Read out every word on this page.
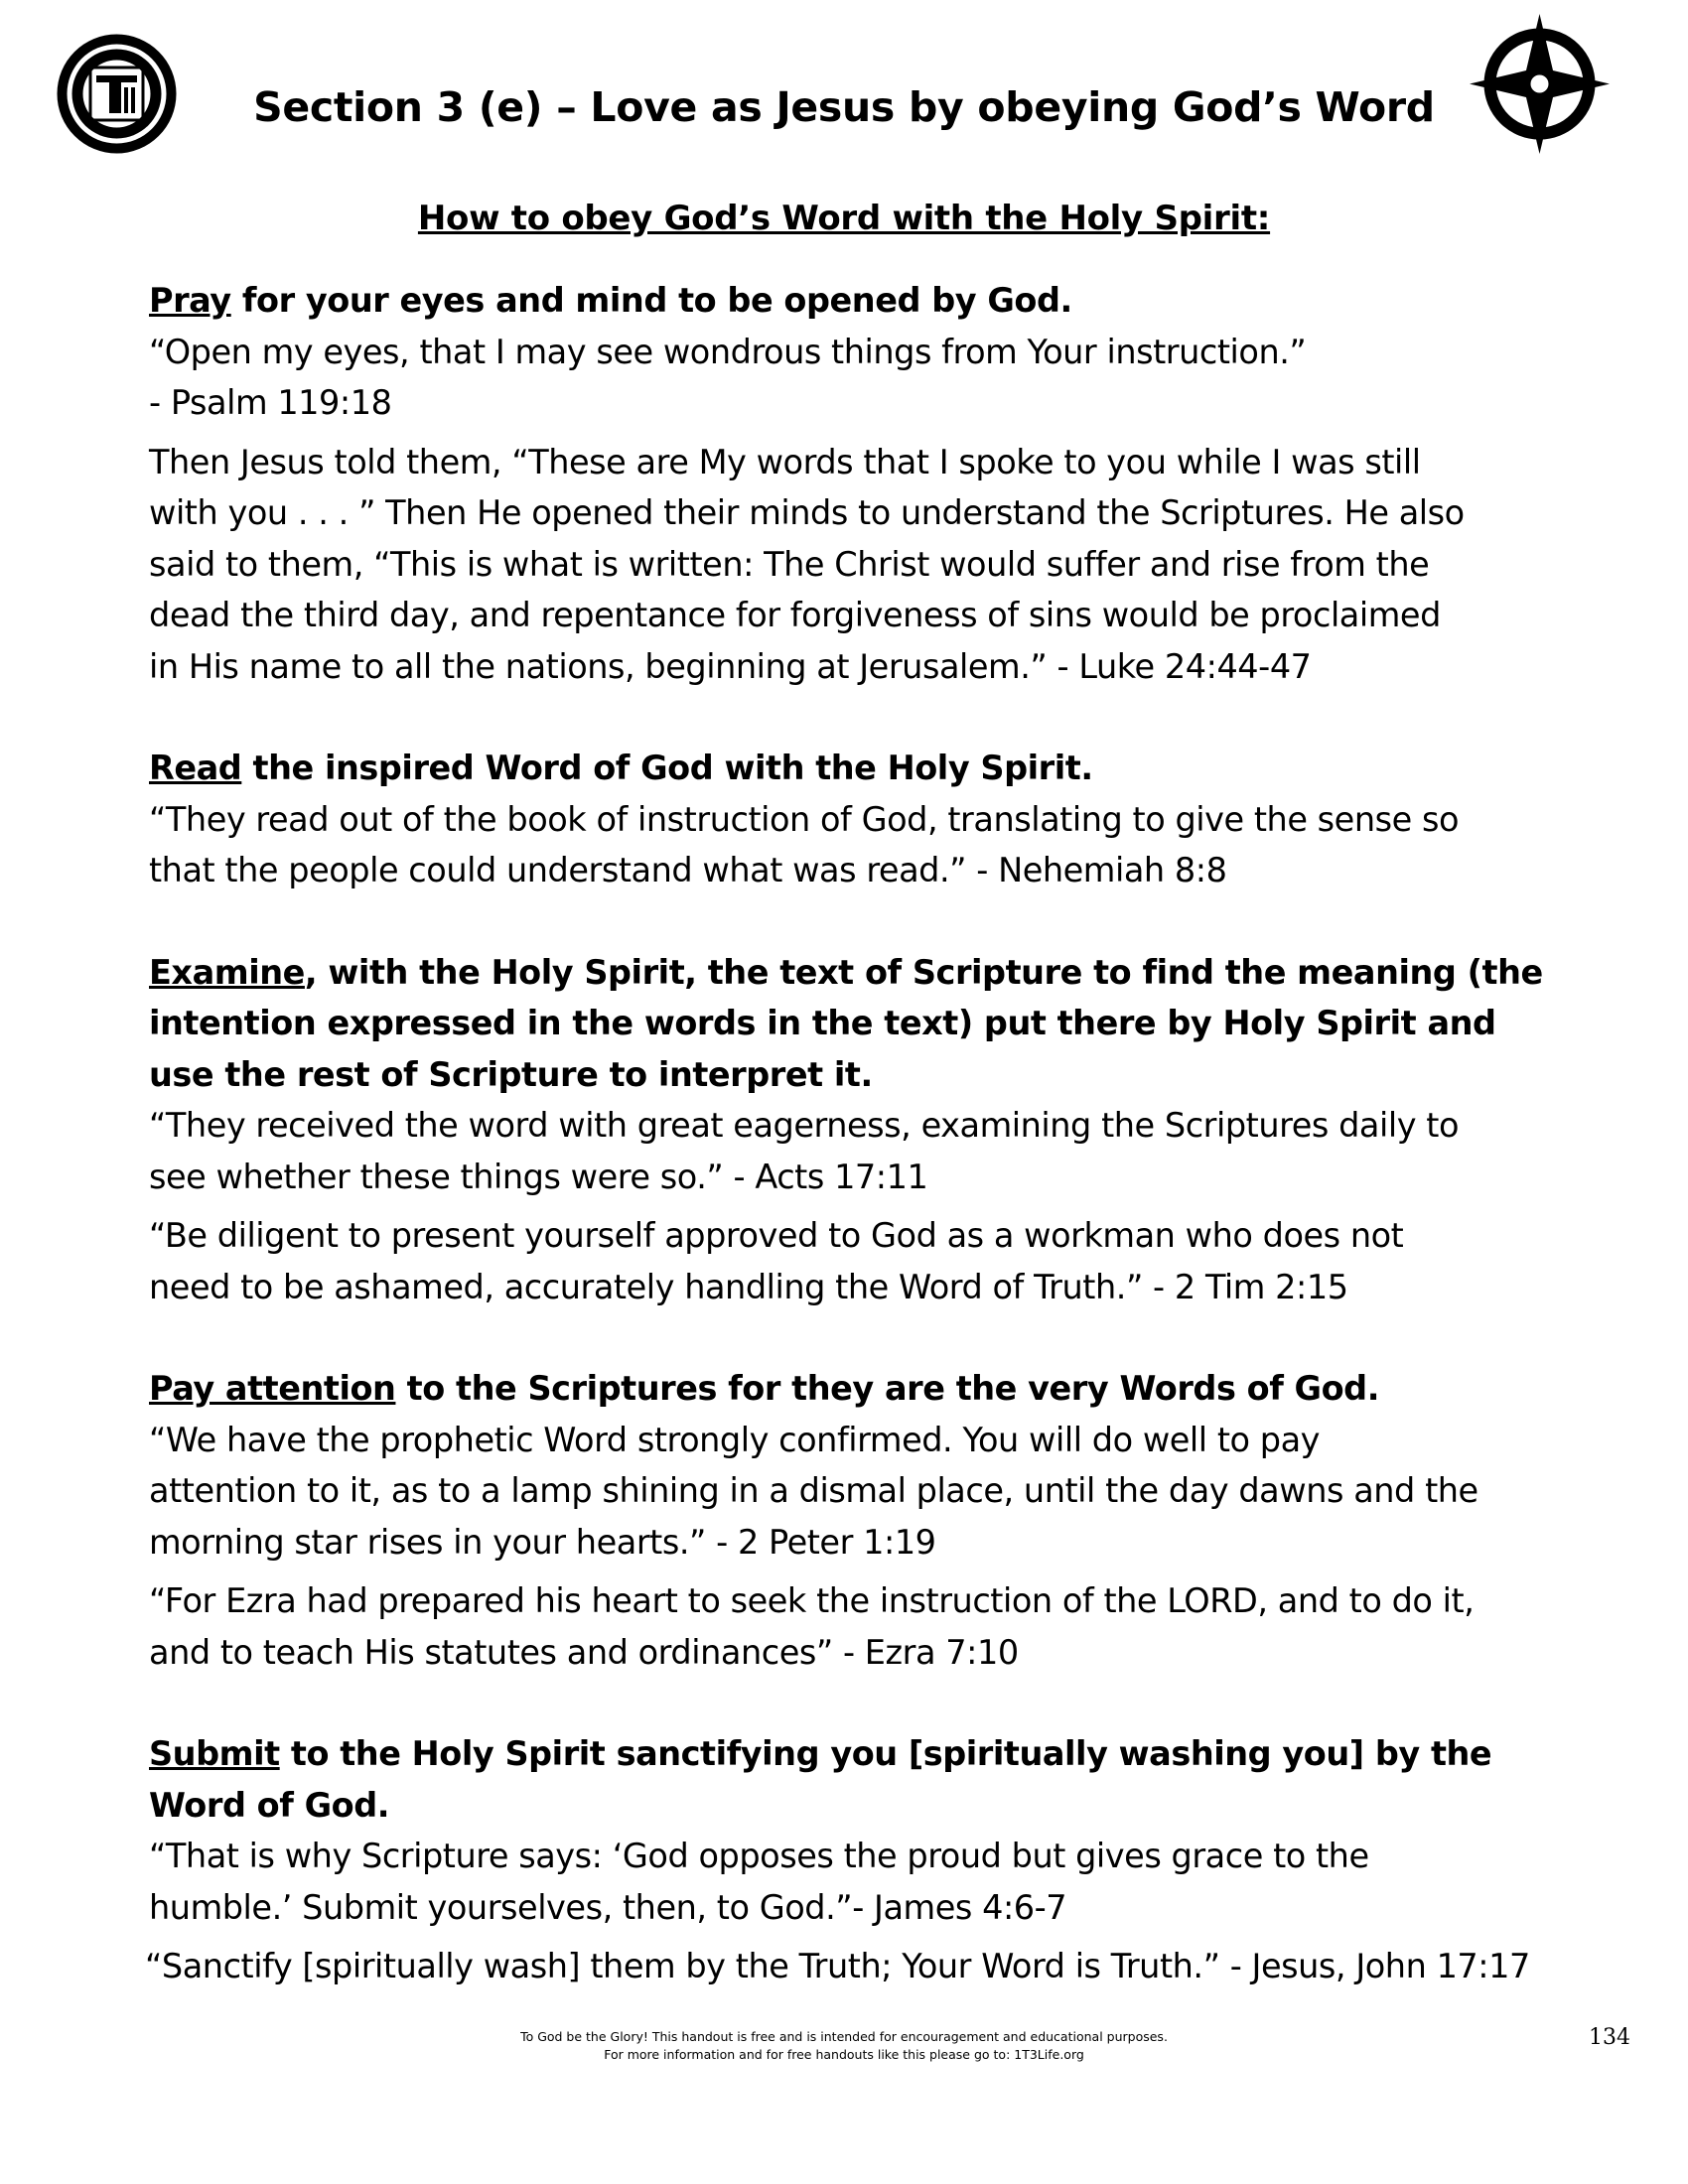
Section 3 (e) – Love as Jesus by obeying God’s Word
How to obey God’s Word with the Holy Spirit:
Pray for your eyes and mind to be opened by God.
“Open my eyes, that I may see wondrous things from Your instruction.”
- Psalm 119:18
Then Jesus told them, “These are My words that I spoke to you while I was still
with you . . . ” Then He opened their minds to understand the Scriptures. He also
said to them, “This is what is written: The Christ would suffer and rise from the
dead the third day, and repentance for forgiveness of sins would be proclaimed
in His name to all the nations, beginning at Jerusalem.” - Luke 24:44-47
Read the inspired Word of God with the Holy Spirit.
“They read out of the book of instruction of God, translating to give the sense so
that the people could understand what was read.” - Nehemiah 8:8
Examine, with the Holy Spirit, the text of Scripture to find the meaning (the
intention expressed in the words in the text) put there by Holy Spirit and
use the rest of Scripture to interpret it.
“They received the word with great eagerness, examining the Scriptures daily to
see whether these things were so.” - Acts 17:11
“Be diligent to present yourself approved to God as a workman who does not
need to be ashamed, accurately handling the Word of Truth.” - 2 Tim 2:15
Pay attention to the Scriptures for they are the very Words of God.
“We have the prophetic Word strongly confirmed. You will do well to pay
attention to it, as to a lamp shining in a dismal place, until the day dawns and the
morning star rises in your hearts.” - 2 Peter 1:19
“For Ezra had prepared his heart to seek the instruction of the LORD, and to do it,
and to teach His statutes and ordinances” - Ezra 7:10
Submit to the Holy Spirit sanctifying you [spiritually washing you] by the
Word of God.
“That is why Scripture says: ‘God opposes the proud but gives grace to the
humble.’ Submit yourselves, then, to God.”- James 4:6-7
“Sanctify [spiritually wash] them by the Truth; Your Word is Truth.” - Jesus, John 17:17
To God be the Glory! This handout is free and is intended for encouragement and educational purposes.
For more information and for free handouts like this please go to: 1T3Life.org
134
